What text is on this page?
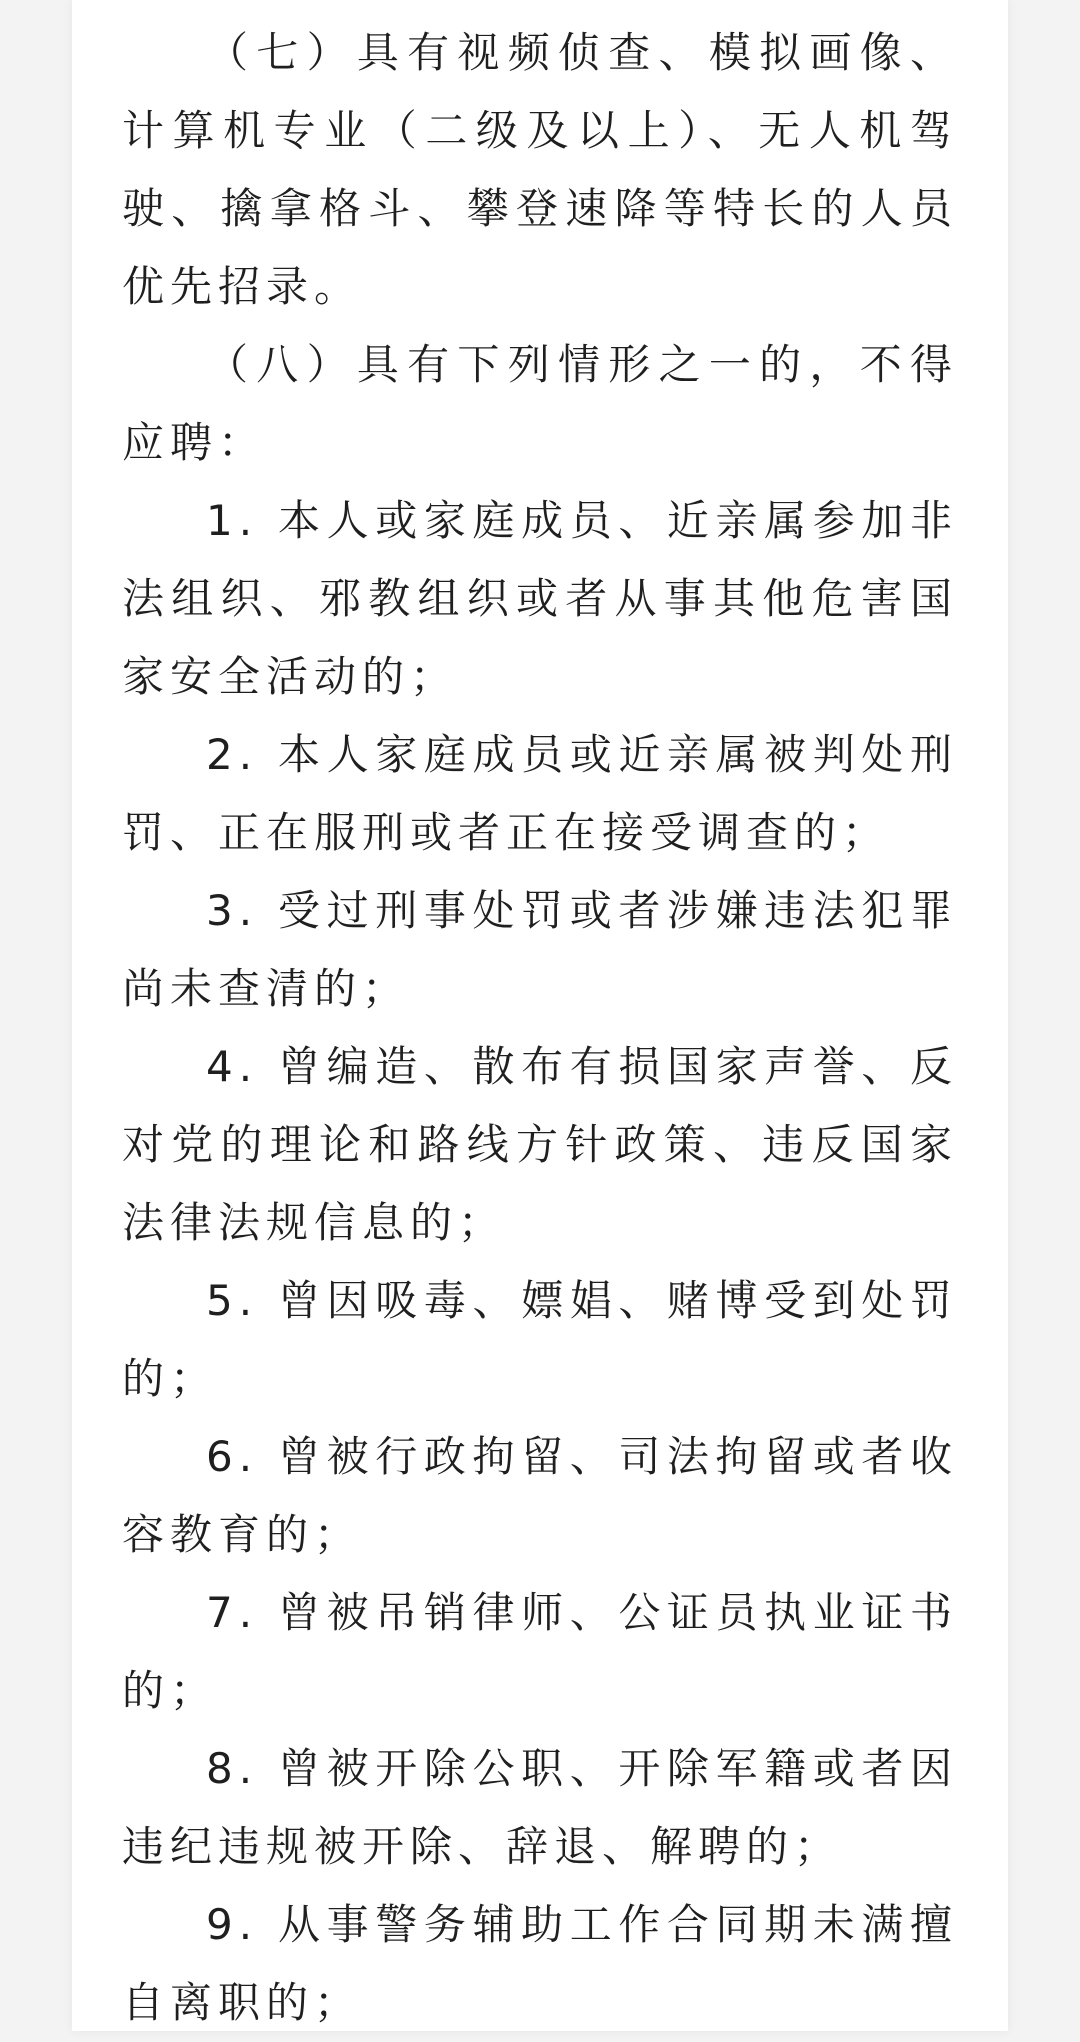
（七）具有视频侦查、模拟画像、计算机专业（二级及以上）、无人机驾驶、擒拿格斗、攀登速降等特长的人员优先招录。

（八）具有下列情形之一的，不得应聘：

1. 本人或家庭成员、近亲属参加非法组织、邪教组织或者从事其他危害国家安全活动的；

2. 本人家庭成员或近亲属被判处刑罚、正在服刑或者正在接受调查的；

3. 受过刑事处罚或者涉嫌违法犯罪尚未查清的；

4. 曾编造、散布有损国家声誉、反对党的理论和路线方针政策、违反国家法律法规信息的；

5. 曾因吸毒、嫖娼、赌博受到处罚的；

6. 曾被行政拘留、司法拘留或者收容教育的；

7. 曾被吊销律师、公证员执业证书的；

8. 曾被开除公职、开除军籍或者因违纪违规被开除、辞退、解聘的；

9. 从事警务辅助工作合同期未满擅自离职的；
